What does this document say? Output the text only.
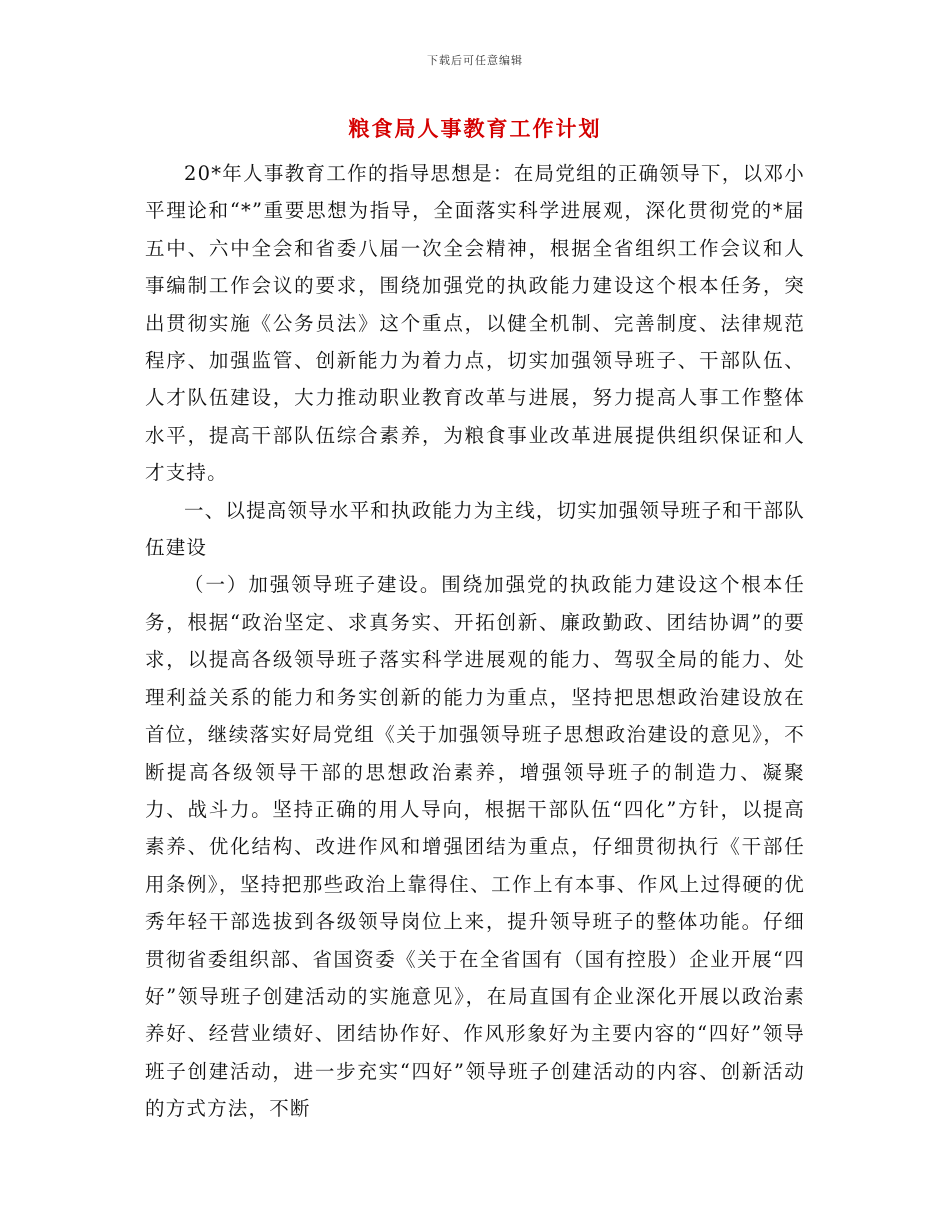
下载后可任意编辑
粮食局人事教育工作计划

20*年人事教育工作的指导思想是：在局党组的正确领导下，以邓小平理论和“*”重要思想为指导，全面落实科学进展观，深化贯彻党的*届五中、六中全会和省委八届一次全会精神，根据全省组织工作会议和人事编制工作会议的要求，围绕加强党的执政能力建设这个根本任务，突出贯彻实施《公务员法》这个重点，以健全机制、完善制度、法律规范程序、加强监管、创新能力为着力点，切实加强领导班子、干部队伍、人才队伍建设，大力推动职业教育改革与进展，努力提高人事工作整体水平，提高干部队伍综合素养，为粮食事业改革进展提供组织保证和人才支持。

一、以提高领导水平和执政能力为主线，切实加强领导班子和干部队伍建设

（一）加强领导班子建设。围绕加强党的执政能力建设这个根本任务，根据“政治坚定、求真务实、开拓创新、廉政勤政、团结协调”的要求，以提高各级领导班子落实科学进展观的能力、驾驭全局的能力、处理利益关系的能力和务实创新的能力为重点，坚持把思想政治建设放在首位，继续落实好局党组《关于加强领导班子思想政治建设的意见》，不断提高各级领导干部的思想政治素养，增强领导班子的制造力、凝聚力、战斗力。坚持正确的用人导向，根据干部队伍“四化”方针，以提高素养、优化结构、改进作风和增强团结为重点，仔细贯彻执行《干部任用条例》，坚持把那些政治上靠得住、工作上有本事、作风上过得硬的优秀年轻干部选拔到各级领导岗位上来，提升领导班子的整体功能。仔细贯彻省委组织部、省国资委《关于在全省国有（国有控股）企业开展“四好”领导班子创建活动的实施意见》，在局直国有企业深化开展以政治素养好、经营业绩好、团结协作好、作风形象好为主要内容的“四好”领导班子创建活动，进一步充实“四好”领导班子创建活动的内容、创新活动的方式方法，不断
